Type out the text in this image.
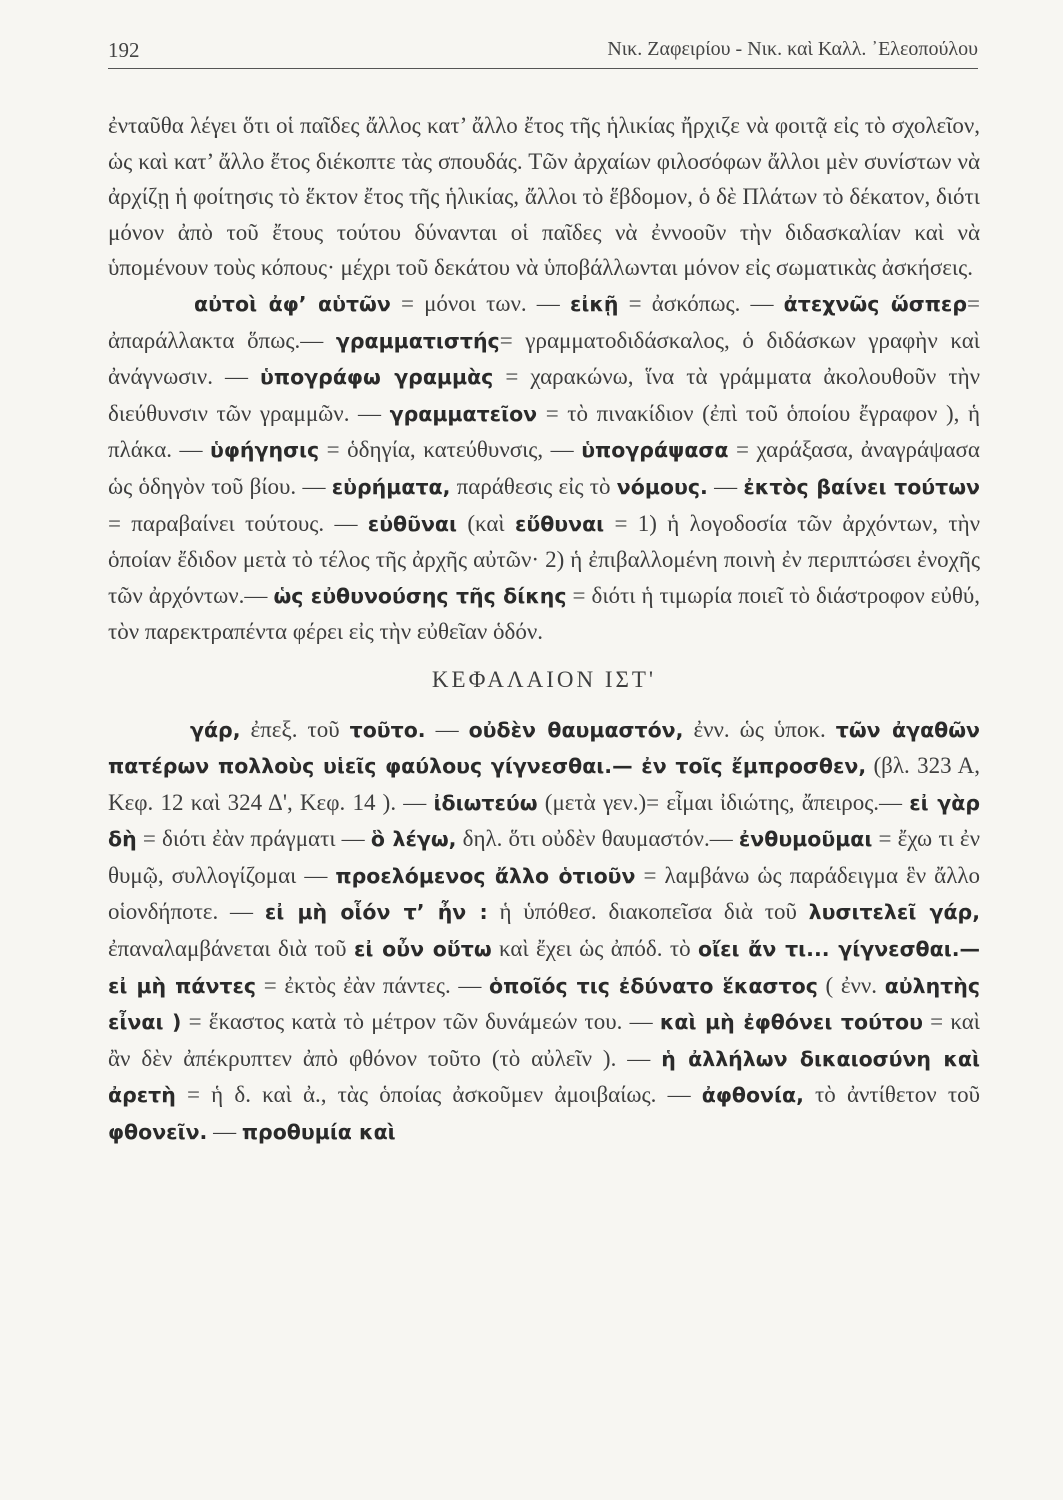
192	Νικ. Ζαφειρίου - Νικ. καὶ Καλλ. ᾿Ελεοπούλου

ἐνταῦθα λέγει ὅτι οἱ παῖδες ἄλλος κατ’ ἄλλο ἔτος τῆς ἡλικίας ἤρχιζε νὰ φοιτᾷ εἰς τὸ σχολεῖον, ὡς καὶ κατ’ ἄλλο ἔτος διέκοπτε τὰς σπουδάς. Τῶν ἀρχαίων φιλοσόφων ἄλλοι μὲν συνίστων νὰ ἀρχίζῃ ἡ φοίτησις τὸ ἕκτον ἔτος τῆς ἡλικίας, ἄλλοι τὸ ἕβδομον, ὁ δὲ Πλάτων τὸ δέκατον, διότι μόνον ἀπὸ τοῦ ἔτους τούτου δύνανται οἱ παῖδες νὰ ἐννοοῦν τὴν διδασκαλίαν καὶ νὰ ὑπομένουν τοὺς κόπους· μέχρι τοῦ δεκάτου νὰ ὑποβάλλωνται μόνον εἰς σωματικὰς ἀσκήσεις.

αὐτοὶ ἀφ’ αὑτῶν = μόνοι των. — εἰκῇ = ἀσκόπως. — ἀτεχνῶς ὥσπερ= ἀπαράλλακτα ὅπως.— γραμματιστής= γραμματοδιδάσκαλος, ὁ διδάσκων γραφὴν καὶ ἀνάγνωσιν. — ὑπογράφω γραμμὰς = χαρακώνω, ἵνα τὰ γράμματα ἀκολουθοῦν τὴν διεύθυνσιν τῶν γραμμῶν. — γραμματεῖον = τὸ πινακίδιον (ἐπὶ τοῦ ὁποίου ἔγραφον ), ἡ πλάκα. — ὑφήγησις = ὁδηγία, κατεύθυνσις, — ὑπογράψασα = χαράξασα, ἀναγράψασα ὡς ὁδηγὸν τοῦ βίου. — εὑρήματα, παράθεσις εἰς τὸ νόμους. — ἐκτὸς βαίνει τούτων = παραβαίνει τούτους. — εὐθῦναι (καὶ εὔθυναι = 1) ἡ λογοδοσία τῶν ἀρχόντων, τὴν ὁποίαν ἔδιδον μετὰ τὸ τέλος τῆς ἀρχῆς αὐτῶν· 2) ἡ ἐπιβαλλομένη ποινὴ ἐν περιπτώσει ἐνοχῆς τῶν ἀρχόντων.— ὡς εὐθυνούσης τῆς δίκης = διότι ἡ τιμωρία ποιεῖ τὸ διάστροφον εὐθύ, τὸν παρεκτραπέντα φέρει εἰς τὴν εὐθεῖαν ὁδόν.

ΚΕΦΑΛΑΙΟΝ ΙΣΤ'

γάρ, ἐπεξ. τοῦ τοῦτο. — οὐδὲν θαυμαστόν, ἐνν. ὡς ὑποκ. τῶν ἀγαθῶν πατέρων πολλοὺς υἱεῖς φαύλους γίγνεσθαι.— ἐν τοῖς ἔμπροσθεν, (βλ. 323 Α, Κεφ. 12 καὶ 324 Δ', Κεφ. 14 ). — ἰδιωτεύω (μετὰ γεν.)= εἶμαι ἰδιώτης, ἄπειρος.— εἰ γὰρ δὴ = διότι ἐὰν πράγματι — ὃ λέγω, δηλ. ὅτι οὐδὲν θαυμαστόν.— ἐνθυμοῦμαι = ἔχω τι ἐν θυμῷ, συλλογίζομαι — προελόμενος ἄλλο ὁτιοῦν = λαμβάνω ὡς παράδειγμα ἓν ἄλλο οἱονδήποτε. — εἰ μὴ οἷόν τ’ ἦν : ἡ ὑπόθεσ. διακοπεῖσα διὰ τοῦ λυσιτελεῖ γάρ, ἐπαναλαμβάνεται διὰ τοῦ εἰ οὖν οὕτω καὶ ἔχει ὡς ἀπόδ. τὸ οἴει ἄν τι... γίγνεσθαι.— εἰ μὴ πάντες = ἐκτὸς ἐὰν πάντες. — ὁποῖός τις ἐδύνατο ἕκαστος ( ἐνν. αὐλητὴς εἶναι ) = ἕκαστος κατὰ τὸ μέτρον τῶν δυνάμεών του. — καὶ μὴ ἐφθόνει τούτου = καὶ ἂν δὲν ἀπέκρυπτεν ἀπὸ φθόνον τοῦτο (τὸ αὐλεῖν ). — ἡ ἀλλήλων δικαιοσύνη καὶ ἀρετὴ = ἡ δ. καὶ ἀ., τὰς ὁποίας ἀσκοῦμεν ἀμοιβαίως. — ἀφθονία, τὸ ἀντίθετον τοῦ φθονεῖν. — προθυμία καὶ
